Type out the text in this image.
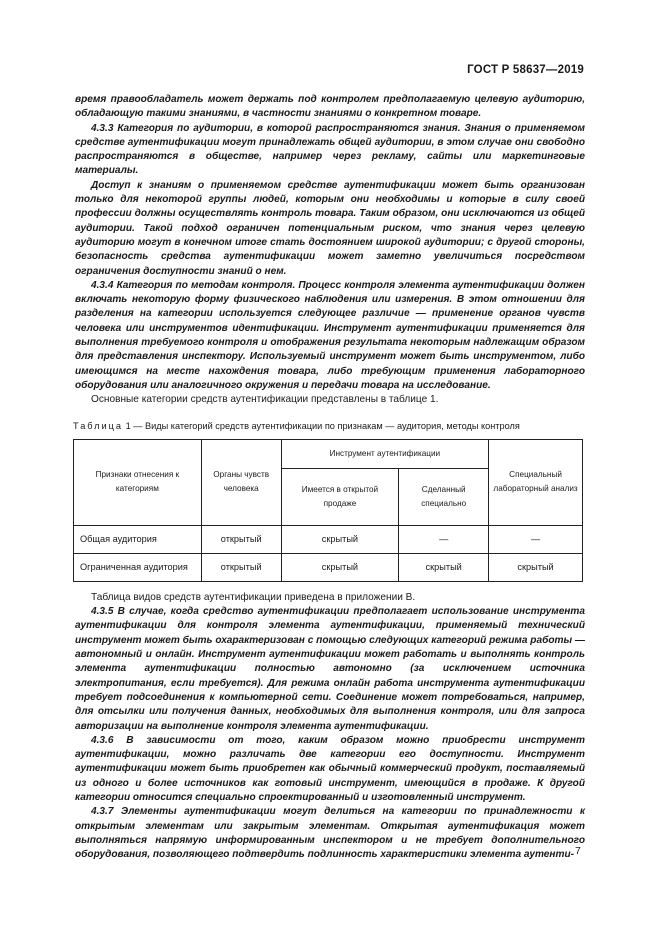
ГОСТ Р 58637—2019

время правообладатель может держать под контролем предполагаемую целевую аудиторию, обладающую такими знаниями, в частности знаниями о конкретном товаре.

4.3.3 Категория по аудитории, в которой распространяются знания. Знания о применяемом средстве аутентификации могут принадлежать общей аудитории, в этом случае они свободно распространяются в обществе, например через рекламу, сайты или маркетинговые материалы.

Доступ к знаниям о применяемом средстве аутентификации может быть организован только для некоторой группы людей, которым они необходимы и которые в силу своей профессии должны осуществлять контроль товара. Таким образом, они исключаются из общей аудитории. Такой подход ограничен потенциальным риском, что знания через целевую аудиторию могут в конечном итоге стать достоянием широкой аудитории; с другой стороны, безопасность средства аутентификации может заметно увеличиться посредством ограничения доступности знаний о нем.

4.3.4 Категория по методам контроля. Процесс контроля элемента аутентификации должен включать некоторую форму физического наблюдения или измерения. В этом отношении для разделения на категории используется следующее различие — применение органов чувств человека или инструментов идентификации. Инструмент аутентификации применяется для выполнения требуемого контроля и отображения результата некоторым надлежащим образом для представления инспектору. Используемый инструмент может быть инструментом, либо имеющимся на месте нахождения товара, либо требующим применения лабораторного оборудования или аналогичного окружения и передачи товара на исследование.

Основные категории средств аутентификации представлены в таблице 1.

Таблица 1 — Виды категорий средств аутентификации по признакам — аудитория, методы контроля
Признаки отнесения к категориям	Органы чувств человека	Инструмент аутентификации		Специальный лабораторный анализ
		Имеется в открытой продаже	Сделанный специально	
Общая аудитория	открытый	скрытый	—	—
Ограниченная аудитория	открытый	скрытый	скрытый	скрытый

Таблица видов средств аутентификации приведена в приложении В.

4.3.5 В случае, когда средство аутентификации предполагает использование инструмента аутентификации для контроля элемента аутентификации, применяемый технический инструмент может быть охарактеризован с помощью следующих категорий режима работы — автономный и онлайн. Инструмент аутентификации может работать и выполнять контроль элемента аутентификации полностью автономно (за исключением источника электропитания, если требуется). Для режима онлайн работа инструмента аутентификации требует подсоединения к компьютерной сети. Соединение может потребоваться, например, для отсылки или получения данных, необходимых для выполнения контроля, или для запроса авторизации на выполнение контроля элемента аутентификации.

4.3.6 В зависимости от того, каким образом можно приобрести инструмент аутентификации, можно различать две категории его доступности. Инструмент аутентификации может быть приобретен как обычный коммерческий продукт, поставляемый из одного и более источников как готовый инструмент, имеющийся в продаже. К другой категории относится специально спроектированный и изготовленный инструмент.

4.3.7 Элементы аутентификации могут делиться на категории по принадлежности к открытым элементам или закрытым элементам. Открытая аутентификация может выполняться напрямую информированным инспектором и не требует дополнительного оборудования, позволяющего подтвердить подлинность характеристики элемента аутенти- 7
